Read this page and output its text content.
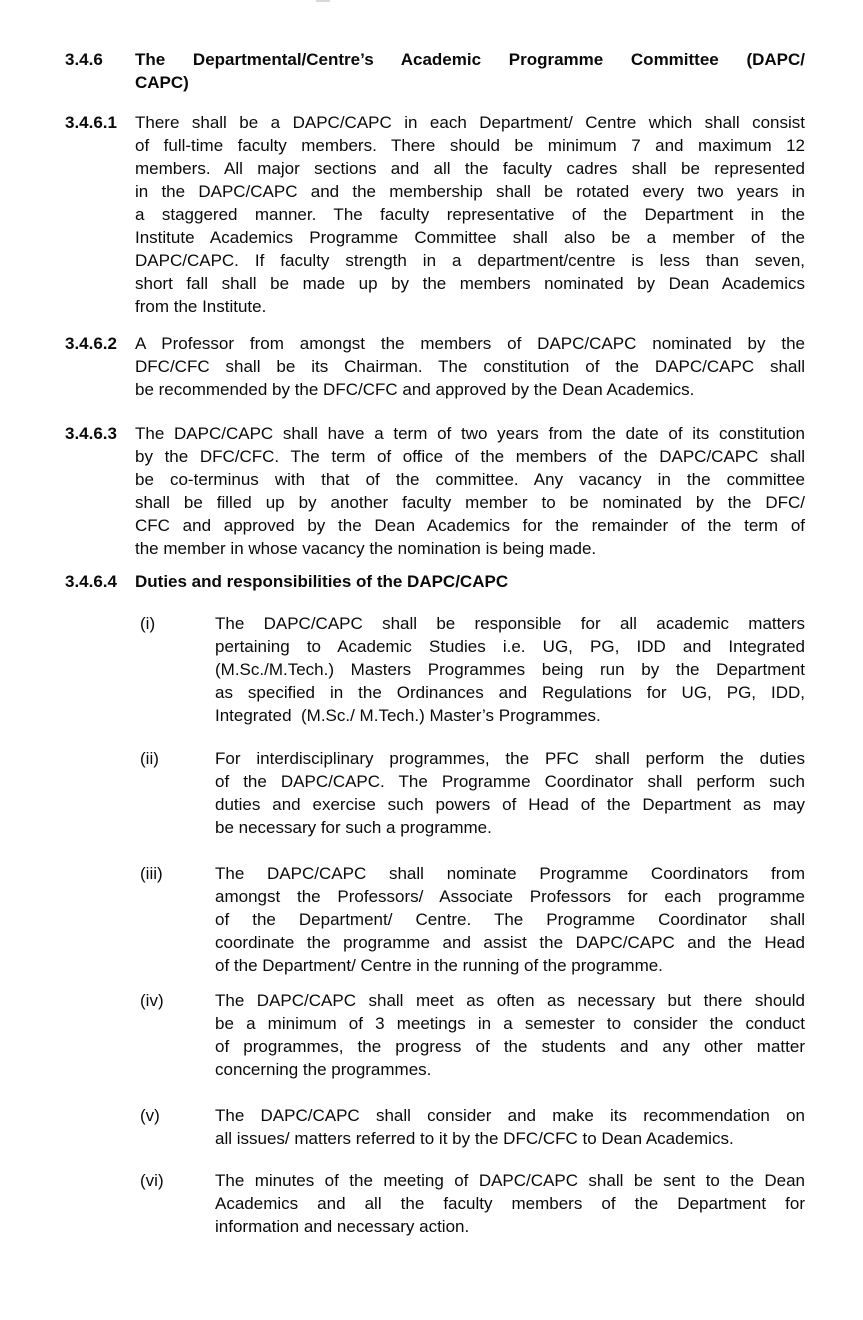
3.4.6	The Departmental/Centre’s Academic Programme Committee (DAPC/
CAPC)
3.4.6.1	There shall be a DAPC/CAPC in each Department/ Centre which shall consist
of full-time faculty members. There should be minimum 7 and maximum 12
members. All major sections and all the faculty cadres shall be represented
in the DAPC/CAPC and the membership shall be rotated every two years in
a staggered manner. The faculty representative of the Department in the
Institute Academics Programme Committee shall also be a member of the
DAPC/CAPC. If faculty strength in a department/centre is less than seven,
short fall shall be made up by the members nominated by Dean Academics
from the Institute.
3.4.6.2	A Professor from amongst the members of DAPC/CAPC nominated by the
DFC/CFC shall be its Chairman. The constitution of the DAPC/CAPC shall
be recommended by the DFC/CFC and approved by the Dean Academics.
3.4.6.3	The DAPC/CAPC shall have a term of two years from the date of its constitution
by the DFC/CFC. The term of office of the members of the DAPC/CAPC shall
be co-terminus with that of the committee. Any vacancy in the committee
shall be filled up by another faculty member to be nominated by the DFC/
CFC and approved by the Dean Academics for the remainder of the term of
the member in whose vacancy the nomination is being made.
3.4.6.4	Duties and responsibilities of the DAPC/CAPC
(i)	The DAPC/CAPC shall be responsible for all academic matters
pertaining to Academic Studies i.e. UG, PG, IDD and Integrated
(M.Sc./M.Tech.) Masters Programmes being run by the Department
as specified in the Ordinances and Regulations for UG, PG, IDD,
Integrated  (M.Sc./ M.Tech.) Master’s Programmes.
(ii)	For interdisciplinary programmes, the PFC shall perform the duties
of the DAPC/CAPC. The Programme Coordinator shall perform such
duties and exercise such powers of Head of the Department as may
be necessary for such a programme.
(iii)	The DAPC/CAPC shall nominate Programme Coordinators from
amongst the Professors/ Associate Professors for each programme
of the Department/ Centre. The Programme Coordinator shall
coordinate the programme and assist the DAPC/CAPC and the Head
of the Department/ Centre in the running of the programme.
(iv)	The DAPC/CAPC shall meet as often as necessary but there should
be a minimum of 3 meetings in a semester to consider the conduct
of programmes, the progress of the students and any other matter
concerning the programmes.
(v)	The DAPC/CAPC shall consider and make its recommendation on
all issues/ matters referred to it by the DFC/CFC to Dean Academics.
(vi)	The minutes of the meeting of DAPC/CAPC shall be sent to the Dean
Academics and all the faculty members of the Department for
information and necessary action.
